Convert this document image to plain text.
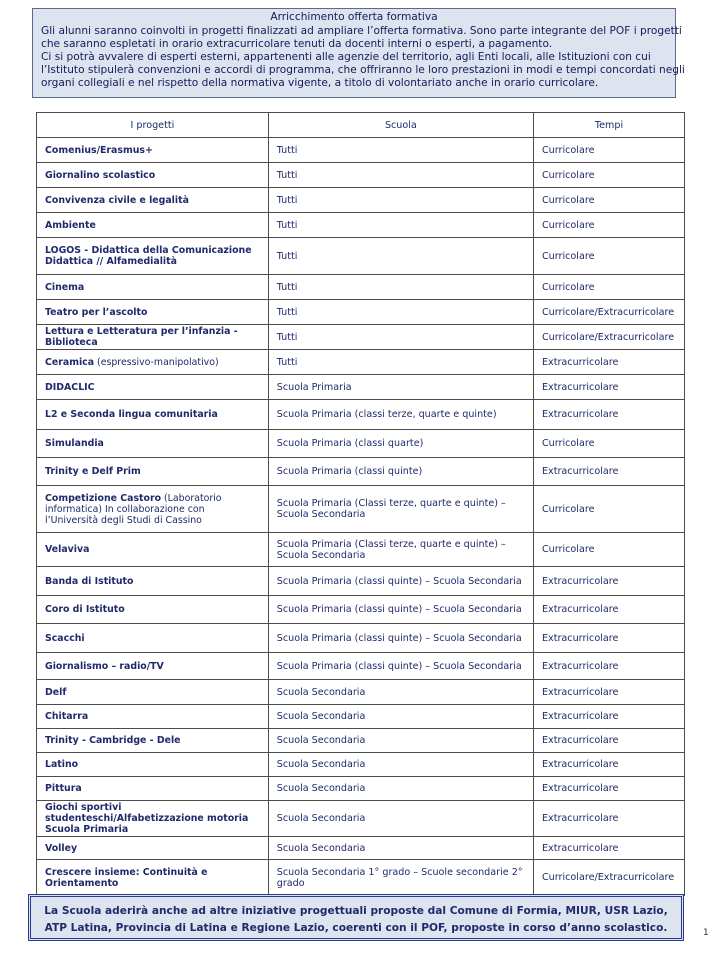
Arricchimento offerta formativa
Gli alunni saranno coinvolti in progetti finalizzati ad ampliare l’offerta formativa. Sono parte integrante del POF i progetti
che saranno espletati in orario extracurricolare tenuti da docenti interni o esperti, a pagamento.
Ci si potrà avvalere di esperti esterni, appartenenti alle agenzie del territorio, agli Enti locali, alle Istituzioni con cui
l’Istituto stipulerà convenzioni e accordi di programma, che offriranno le loro prestazioni in modi e tempi concordati negli
organi collegiali e nel rispetto della normativa vigente, a titolo di volontariato anche in orario curricolare.
I progetti	Scuola	Tempi
Comenius/Erasmus+	Tutti	Curricolare
Giornalino scolastico	Tutti	Curricolare
Convivenza civile e legalità	Tutti	Curricolare
Ambiente	Tutti	Curricolare
LOGOS - Didattica della Comunicazione Didattica // Alfamedialità	Tutti	Curricolare
Cinema	Tutti	Curricolare
Teatro per l’ascolto	Tutti	Curricolare/Extracurricolare
Lettura e Letteratura per l’infanzia - Biblioteca	Tutti	Curricolare/Extracurricolare
Ceramica (espressivo-manipolativo)	Tutti	Extracurricolare
DIDACLIC	Scuola Primaria	Extracurricolare
L2 e Seconda lingua comunitaria	Scuola Primaria (classi terze, quarte e quinte)	Extracurricolare
Simulandia	Scuola Primaria (classi quarte)	Curricolare
Trinity e Delf Prim	Scuola Primaria (classi quinte)	Extracurricolare
Competizione Castoro (Laboratorio informatica) In collaborazione con l’Università degli Studi di Cassino	Scuola Primaria (Classi terze, quarte e quinte) – Scuola Secondaria	Curricolare
Velaviva	Scuola Primaria (Classi terze, quarte e quinte) – Scuola Secondaria	Curricolare
Banda di Istituto	Scuola Primaria (classi quinte) – Scuola Secondaria	Extracurricolare
Coro di Istituto	Scuola Primaria (classi quinte) – Scuola Secondaria	Extracurricolare
Scacchi	Scuola Primaria (classi quinte) – Scuola Secondaria	Extracurricolare
Giornalismo – radio/TV	Scuola Primaria (classi quinte) – Scuola Secondaria	Extracurricolare
Delf	Scuola Secondaria	Extracurricolare
Chitarra	Scuola Secondaria	Extracurricolare
Trinity - Cambridge - Dele	Scuola Secondaria	Extracurricolare
Latino	Scuola Secondaria	Extracurricolare
Pittura	Scuola Secondaria	Extracurricolare
Giochi sportivi studenteschi/Alfabetizzazione motoria Scuola Primaria	Scuola Secondaria	Extracurricolare
Volley	Scuola Secondaria	Extracurricolare
Crescere insieme: Continuità e Orientamento	Scuola Secondaria 1° grado – Scuole secondarie 2° grado	Curricolare/Extracurricolare
La Scuola aderirà anche ad altre iniziative progettuali proposte dal Comune di Formia, MIUR, USR Lazio, ATP Latina, Provincia di Latina e Regione Lazio, coerenti con il POF, proposte in corso d’anno scolastico.	1
